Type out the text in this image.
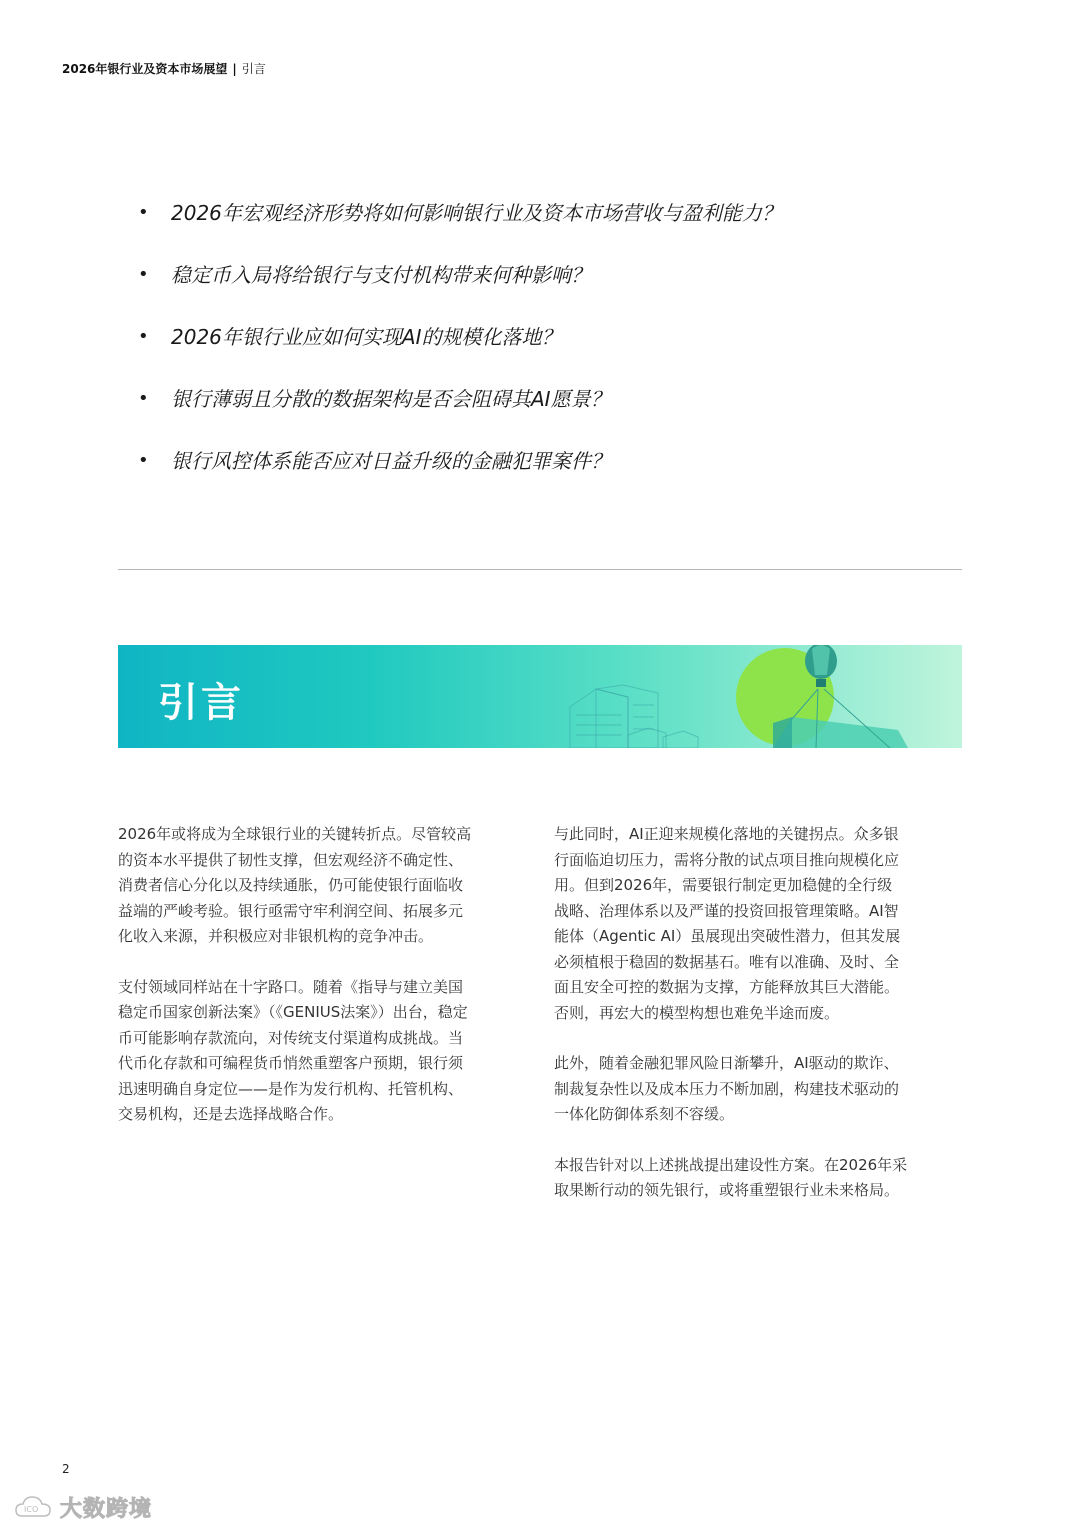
2026年银行业及资本市场展望 | 引言
• 2026年宏观经济形势将如何影响银行业及资本市场营收与盈利能力？
• 稳定币入局将给银行与支付机构带来何种影响？
• 2026年银行业应如何实现AI的规模化落地？
• 银行薄弱且分散的数据架构是否会阻碍其AI愿景？
• 银行风控体系能否应对日益升级的金融犯罪案件？
引言

2026年或将成为全球银行业的关键转折点。尽管较高
的资本水平提供了韧性支撑，但宏观经济不确定性、
消费者信心分化以及持续通胀，仍可能使银行面临收
益端的严峻考验。银行亟需守牢利润空间、拓展多元
化收入来源，并积极应对非银机构的竞争冲击。

支付领域同样站在十字路口。随着《指导与建立美国
稳定币国家创新法案》（《GENIUS法案》）出台，稳定
币可能影响存款流向，对传统支付渠道构成挑战。当
代币化存款和可编程货币悄然重塑客户预期，银行须
迅速明确自身定位——是作为发行机构、托管机构、
交易机构，还是去选择战略合作。

与此同时，AI正迎来规模化落地的关键拐点。众多银
行面临迫切压力，需将分散的试点项目推向规模化应
用。但到2026年，需要银行制定更加稳健的全行级
战略、治理体系以及严谨的投资回报管理策略。AI智
能体（Agentic AI）虽展现出突破性潜力，但其发展
必须植根于稳固的数据基石。唯有以准确、及时、全
面且安全可控的数据为支撑，方能释放其巨大潜能。
否则，再宏大的模型构想也难免半途而废。

此外，随着金融犯罪风险日渐攀升，AI驱动的欺诈、
制裁复杂性以及成本压力不断加剧，构建技术驱动的
一体化防御体系刻不容缓。

本报告针对以上述挑战提出建设性方案。在2026年采
取果断行动的领先银行，或将重塑银行业未来格局。

2
ICO 大数跨境
